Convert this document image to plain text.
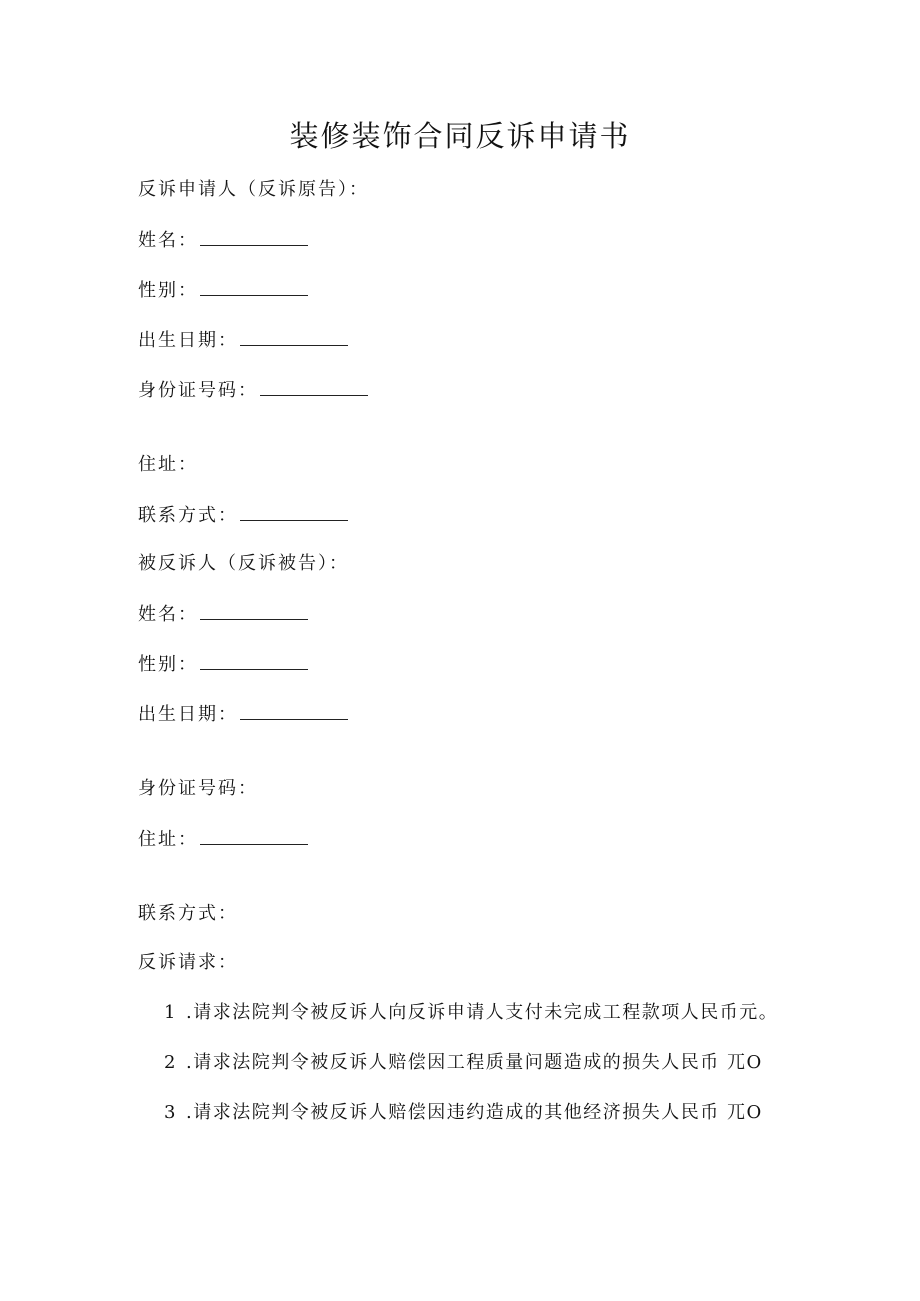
装修装饰合同反诉申请书
反诉申请人（反诉原告）：
姓名：
性别：
出生日期：
身份证号码：
住址：
联系方式：
被反诉人（反诉被告）：
姓名：
性别：
出生日期：
身份证号码：
住址：
联系方式：
反诉请求：
1 .请求法院判令被反诉人向反诉申请人支付未完成工程款项人民币元。
2 .请求法院判令被反诉人赔偿因工程质量问题造成的损失人民币 兀O
3 .请求法院判令被反诉人赔偿因违约造成的其他经济损失人民币 兀O
